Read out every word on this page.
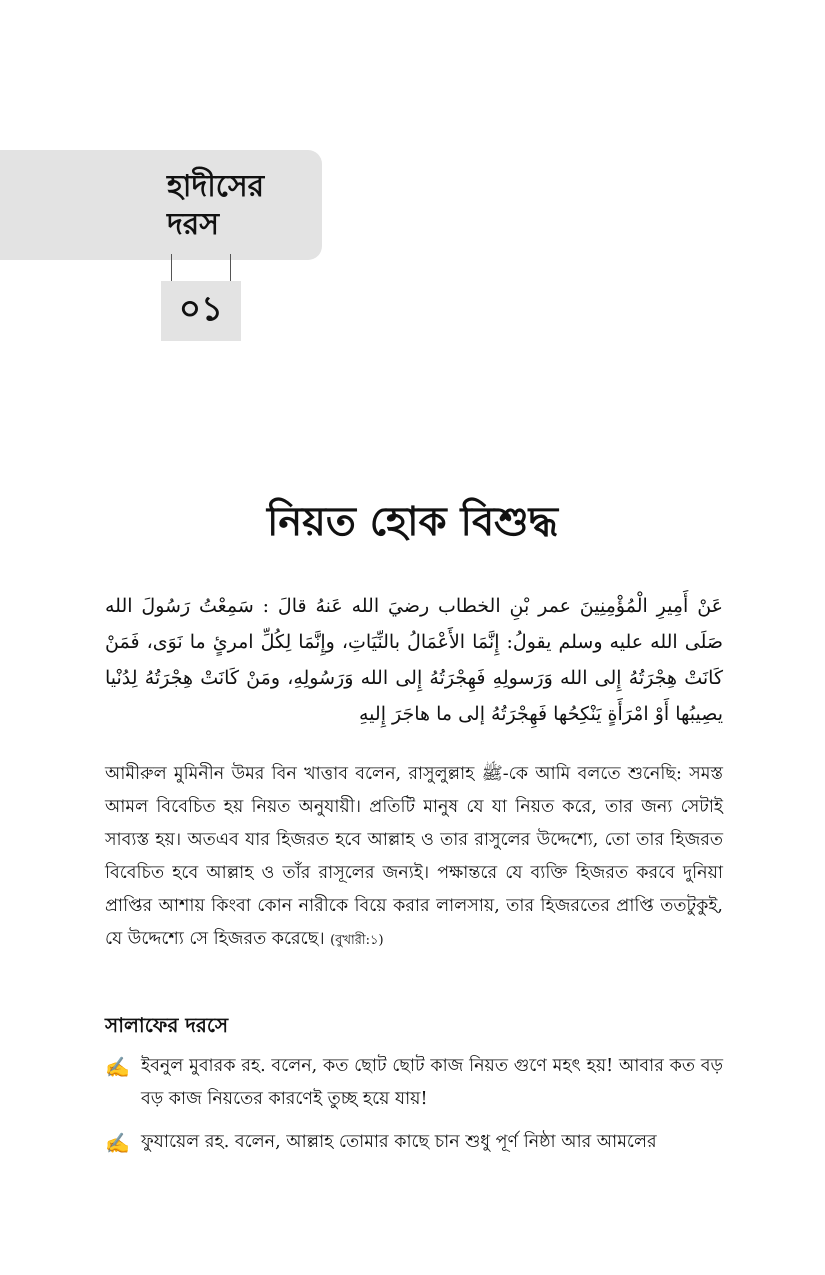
হাদীসের
দরস
০১
নিয়ত হোক বিশুদ্ধ
عَنْ أَمِيرِ الْمُؤْمِنِينَ عمر بْنِ الخطاب رضيَ الله عَنهُ قالَ : سَمِعْتُ رَسُولَ الله صَلَى الله عليه وسلم يقولُ: إِنَّمَا الأَعْمَالُ بالنِّيَاتِ، وإِنَّمَا لِكُلِّ امرئٍ ما نَوَى، فَمَنْ كَانَتْ هِجْرَتُهُ إِلى الله وَرَسولِهِ فَهِجْرَتُهُ إِلى الله وَرَسُولِهِ، ومَنْ كَانَتْ هِجْرَتُهُ لِدُنْيا يصِيبُها أَوْ امْرَأَةٍ يَنْكِحُها فَهِجْرَتُهُ إلى ما هاجَرَ إِليهِ
আমীরুল মুমিনীন উমর বিন খাত্তাব বলেন, রাসুলুল্লাহ ﷺ-কে আমি বলতে শুনেছি: সমস্ত আমল বিবেচিত হয় নিয়ত অনুযায়ী। প্রতিটি মানুষ যে যা নিয়ত করে, তার জন্য সেটাই সাব্যস্ত হয়। অতএব যার হিজরত হবে আল্লাহ ও তার রাসুলের উদ্দেশ্যে, তো তার হিজরত বিবেচিত হবে আল্লাহ ও তাঁর রাসূলের জন্যই। পক্ষান্তরে যে ব্যক্তি হিজরত করবে দুনিয়া প্রাপ্তির আশায় কিংবা কোন নারীকে বিয়ে করার লালসায়, তার হিজরতের প্রাপ্তি ততটুকুই, যে উদ্দেশ্যে সে হিজরত করেছে। (বুখারী:১)
সালাফের দরসে
✍ ইবনুল মুবারক রহ. বলেন, কত ছোট ছোট কাজ নিয়ত গুণে মহৎ হয়! আবার কত বড় বড় কাজ নিয়তের কারণেই তুচ্ছ হয়ে যায়!
✍ ফুযায়েল রহ. বলেন, আল্লাহ তোমার কাছে চান শুধু পূর্ণ নিষ্ঠা আর আমলের
